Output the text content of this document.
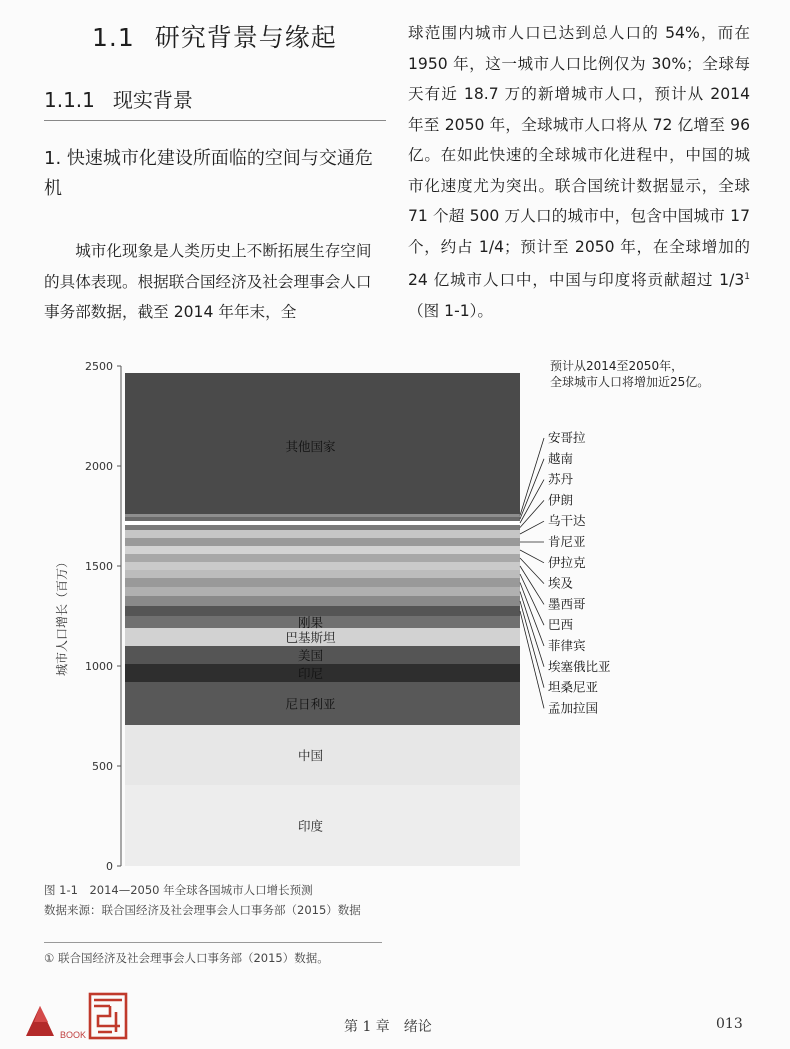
1.1 研究背景与缘起
1.1.1 现实背景
1. 快速城市化建设所面临的空间与交通危机
城市化现象是人类历史上不断拓展生存空间的具体表现。根据联合国经济及社会理事会人口事务部数据，截至 2014 年年末，全
球范围内城市人口已达到总人口的 54%，而在 1950 年，这一城市人口比例仅为 30%；全球每天有近 18.7 万的新增城市人口，预计从 2014 年至 2050 年，全球城市人口将从 72 亿增至 96 亿。在如此快速的全球城市化进程中，中国的城市化速度尤为突出。联合国统计数据显示，全球 71 个超 500 万人口的城市中，包含中国城市 17 个，约占 1/4；预计至 2050 年，在全球增加的 24 亿城市人口中，中国与印度将贡献超过 $1/3^1$（图 1-1）。
0
500
1000
1500
2000
2500
城市人口增长（百万）
印度
中国
尼日利亚
印尼
美国
巴基斯坦
刚果
其他国家
预计从2014至2050年，
全球城市人口将增加近25亿。
安哥拉
越南
苏丹
伊朗
乌干达
肯尼亚
伊拉克
埃及
墨西哥
巴西
菲律宾
埃塞俄比亚
坦桑尼亚
孟加拉国
图 1-1　2014—2050 年全球各国城市人口增长预测
数据来源：联合国经济及社会理事会人口事务部（2015）数据
① 联合国经济及社会理事会人口事务部（2015）数据。
BOOK	第 1 章　绪论	013
